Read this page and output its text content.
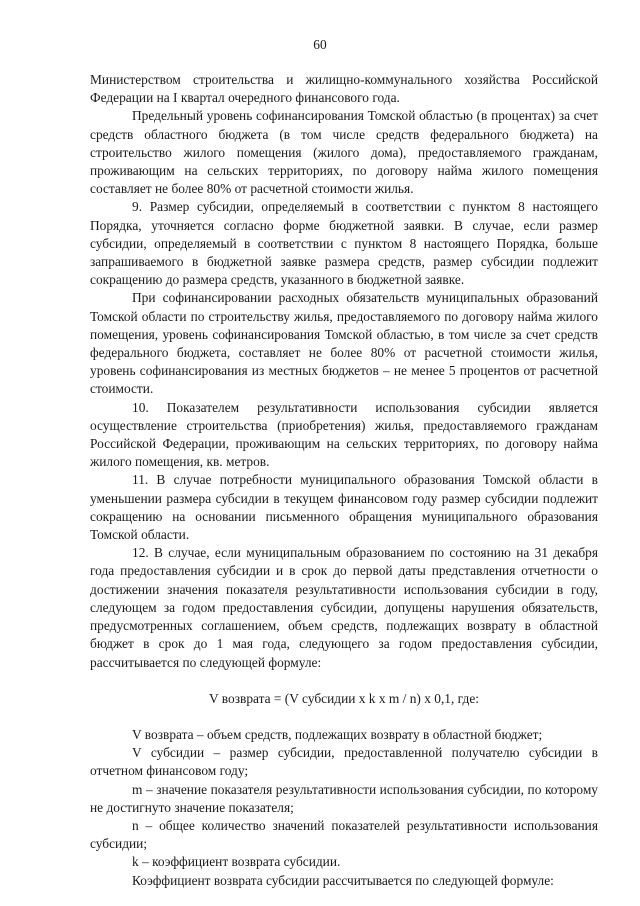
60

Министерством строительства и жилищно-коммунального хозяйства Российской Федерации на I квартал очередного финансового года.

Предельный уровень софинансирования Томской областью (в процентах) за счет средств областного бюджета (в том числе средств федерального бюджета) на строительство жилого помещения (жилого дома), предоставляемого гражданам, проживающим на сельских территориях, по договору найма жилого помещения составляет не более 80% от расчетной стоимости жилья.

9. Размер субсидии, определяемый в соответствии с пунктом 8 настоящего Порядка, уточняется согласно форме бюджетной заявки. В случае, если размер субсидии, определяемый в соответствии с пунктом 8 настоящего Порядка, больше запрашиваемого в бюджетной заявке размера средств, размер субсидии подлежит сокращению до размера средств, указанного в бюджетной заявке.

При софинансировании расходных обязательств муниципальных образований Томской области по строительству жилья, предоставляемого по договору найма жилого помещения, уровень софинансирования Томской областью, в том числе за счет средств федерального бюджета, составляет не более 80% от расчетной стоимости жилья, уровень софинансирования из местных бюджетов – не менее 5 процентов от расчетной стоимости.

10. Показателем результативности использования субсидии является осуществление строительства (приобретения) жилья, предоставляемого гражданам Российской Федерации, проживающим на сельских территориях, по договору найма жилого помещения, кв. метров.

11. В случае потребности муниципального образования Томской области в уменьшении размера субсидии в текущем финансовом году размер субсидии подлежит сокращению на основании письменного обращения муниципального образования Томской области.

12. В случае, если муниципальным образованием по состоянию на 31 декабря года предоставления субсидии и в срок до первой даты представления отчетности о достижении значения показателя результативности использования субсидии в году, следующем за годом предоставления субсидии, допущены нарушения обязательств, предусмотренных соглашением, объем средств, подлежащих возврату в областной бюджет в срок до 1 мая года, следующего за годом предоставления субсидии, рассчитывается по следующей формуле:

V возврата = (V субсидии х k х m / n) х 0,1, где:

V возврата – объем средств, подлежащих возврату в областной бюджет;

V субсидии – размер субсидии, предоставленной получателю субсидии в отчетном финансовом году;

m – значение показателя результативности использования субсидии, по которому не достигнуто значение показателя;

n – общее количество значений показателей результативности использования субсидии;

k – коэффициент возврата субсидии.

Коэффициент возврата субсидии рассчитывается по следующей формуле:
